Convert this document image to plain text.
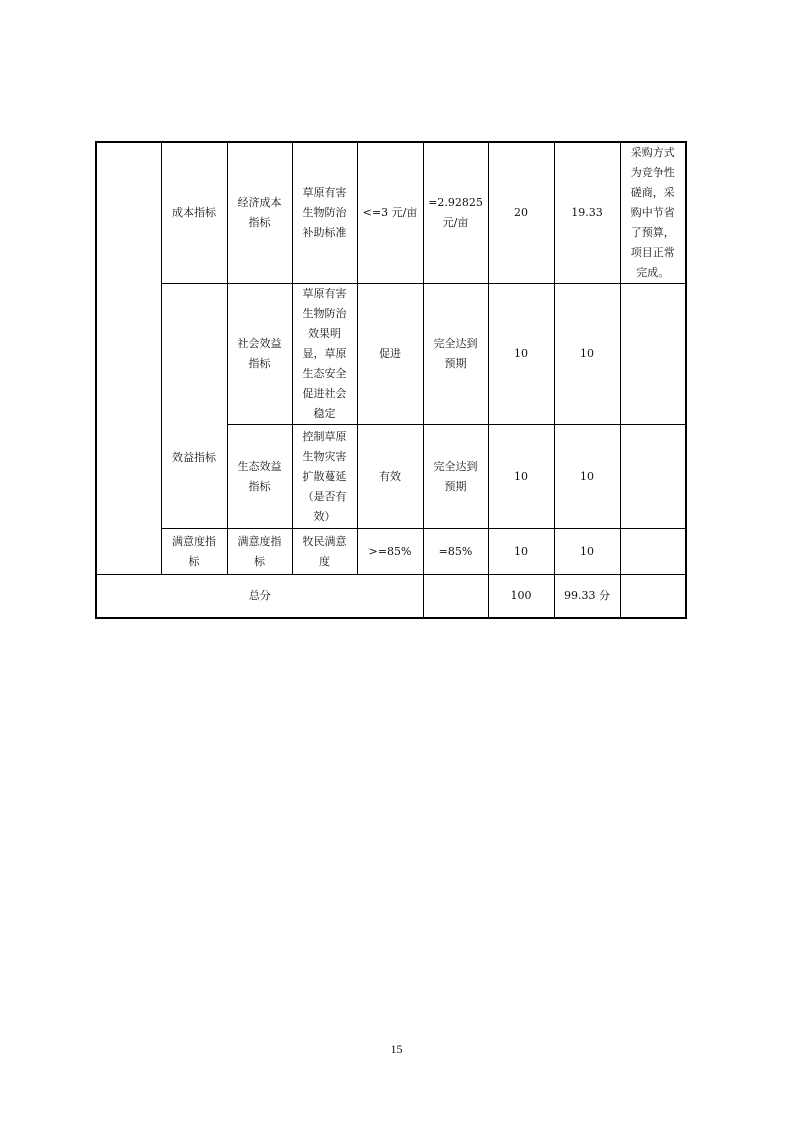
	成本指标	经济成本指标	草原有害生物防治补助标准	<=3 元/亩	=2.92825 元/亩	20	19.33	采购方式为竞争性磋商，采购中节省了预算，项目正常完成。

	效益指标	社会效益指标	草原有害生物防治效果明显，草原生态安全促进社会稳定	促进	完全达到预期	10	10	
		生态效益指标	控制草原生物灾害扩散蔓延（是否有效）	有效	完全达到预期	10	10	
	满意度指标	满意度指标	牧民满意度	>=85%	=85%	10	10	
总分						100	99.33 分	
15
